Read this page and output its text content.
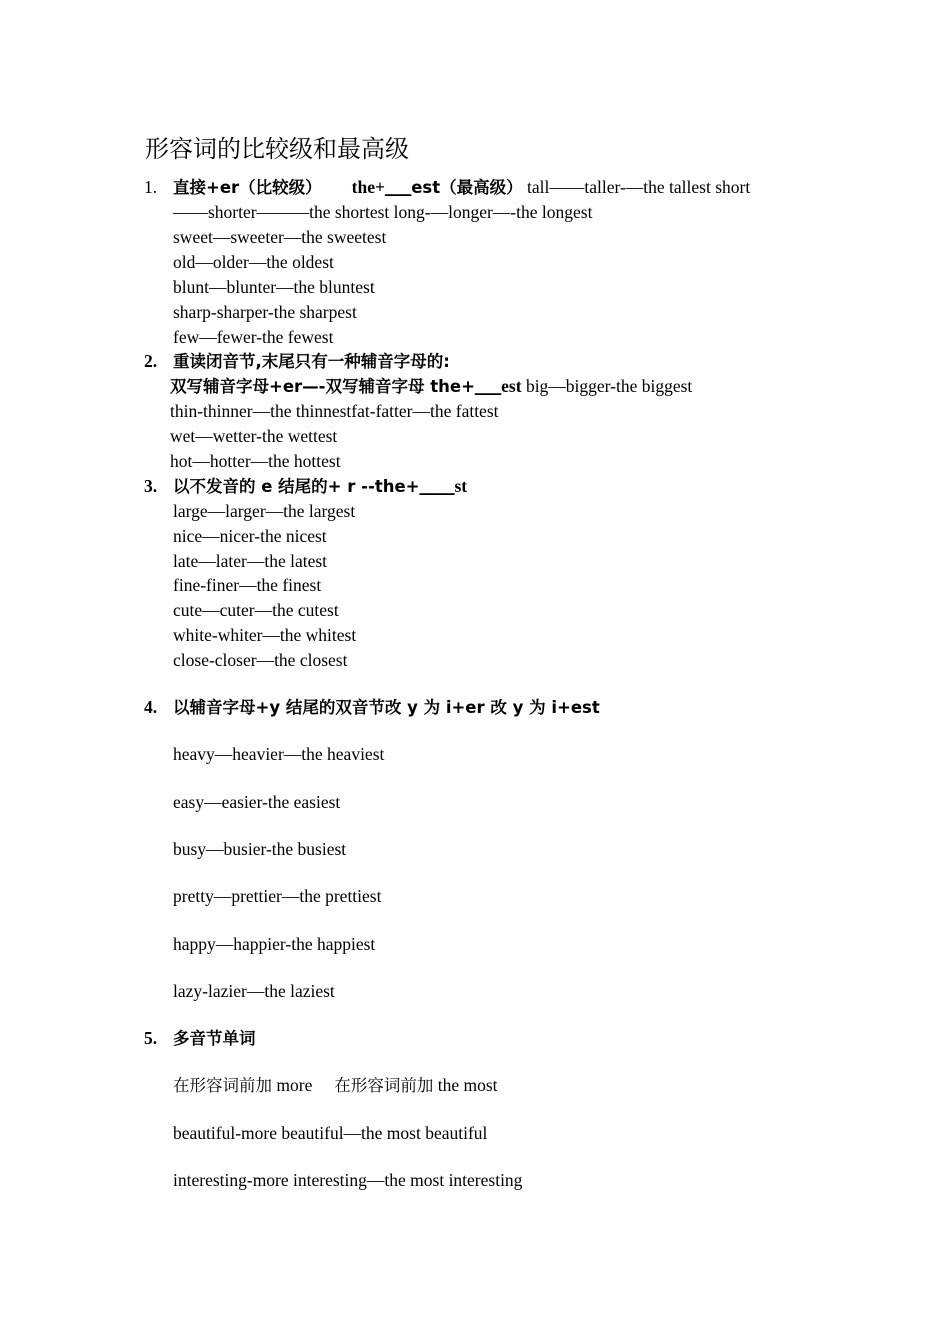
形容词的比较级和最高级
1. 直接+er（比较级） the+___est（最高级） tall——taller-—the tallest short
——shorter———the shortest long-—longer—-the longest
sweet—sweeter—the sweetest
old—older—the oldest
blunt—blunter—the bluntest
sharp-sharper-the sharpest
few—fewer-the fewest
2. 重读闭音节,末尾只有一种辅音字母的:
双写辅音字母+er—-双写辅音字母 the+___est big—bigger-the biggest
thin-thinner—the thinnestfat-fatter—the fattest
wet—wetter-the wettest
hot—hotter—the hottest
3. 以不发音的 e 结尾的+ r --the+____st
large—larger—the largest
nice—nicer-the nicest
late—later—the latest
fine-finer—the finest
cute—cuter—the cutest
white-whiter—the whitest
close-closer—the closest
4. 以辅音字母+y 结尾的双音节改 y 为 i+er 改 y 为 i+est
heavy—heavier—the heaviest
easy—easier-the easiest
busy—busier-the busiest
pretty—prettier—the prettiest
happy—happier-the happiest
lazy-lazier—the laziest
5. 多音节单词
在形容词前加 more 在形容词前加 the most
beautiful-more beautiful—the most beautiful
interesting-more interesting—the most interesting
